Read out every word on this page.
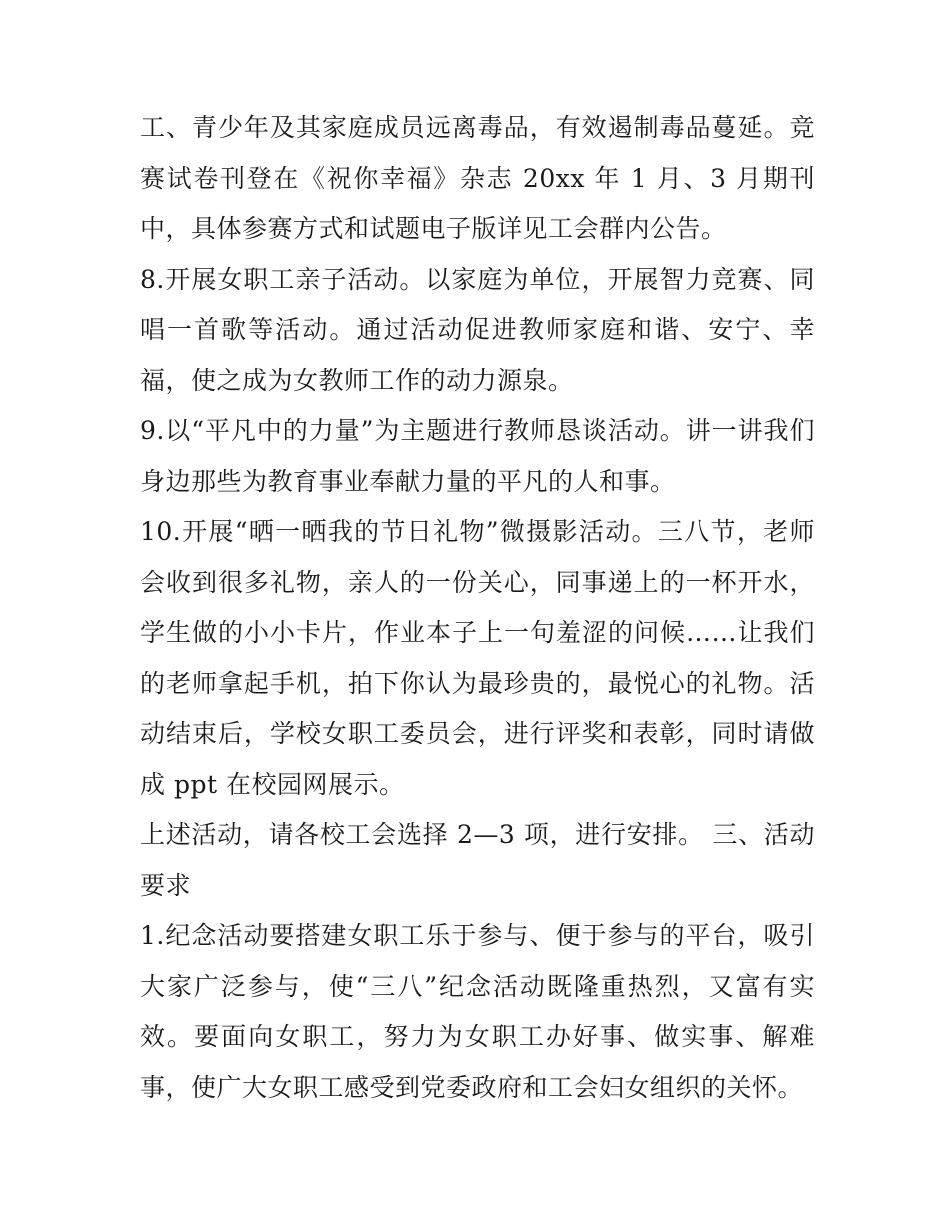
工、青少年及其家庭成员远离毒品，有效遏制毒品蔓延。竞赛试卷刊登在《祝你幸福》杂志 20xx 年 1 月、3 月期刊中，具体参赛方式和试题电子版详见工会群内公告。

8.开展女职工亲子活动。以家庭为单位，开展智力竞赛、同唱一首歌等活动。通过活动促进教师家庭和谐、安宁、幸福，使之成为女教师工作的动力源泉。

9.以“平凡中的力量”为主题进行教师恳谈活动。讲一讲我们身边那些为教育事业奉献力量的平凡的人和事。

10.开展“晒一晒我的节日礼物”微摄影活动。三八节，老师会收到很多礼物，亲人的一份关心，同事递上的一杯开水，学生做的小小卡片，作业本子上一句羞涩的问候……让我们的老师拿起手机，拍下你认为最珍贵的，最悦心的礼物。活动结束后，学校女职工委员会，进行评奖和表彰，同时请做成 ppt 在校园网展示。

上述活动，请各校工会选择 2—3 项，进行安排。 三、活动要求

1.纪念活动要搭建女职工乐于参与、便于参与的平台，吸引大家广泛参与，使“三八”纪念活动既隆重热烈，又富有实效。要面向女职工，努力为女职工办好事、做实事、解难事，使广大女职工感受到党委政府和工会妇女组织的关怀。
